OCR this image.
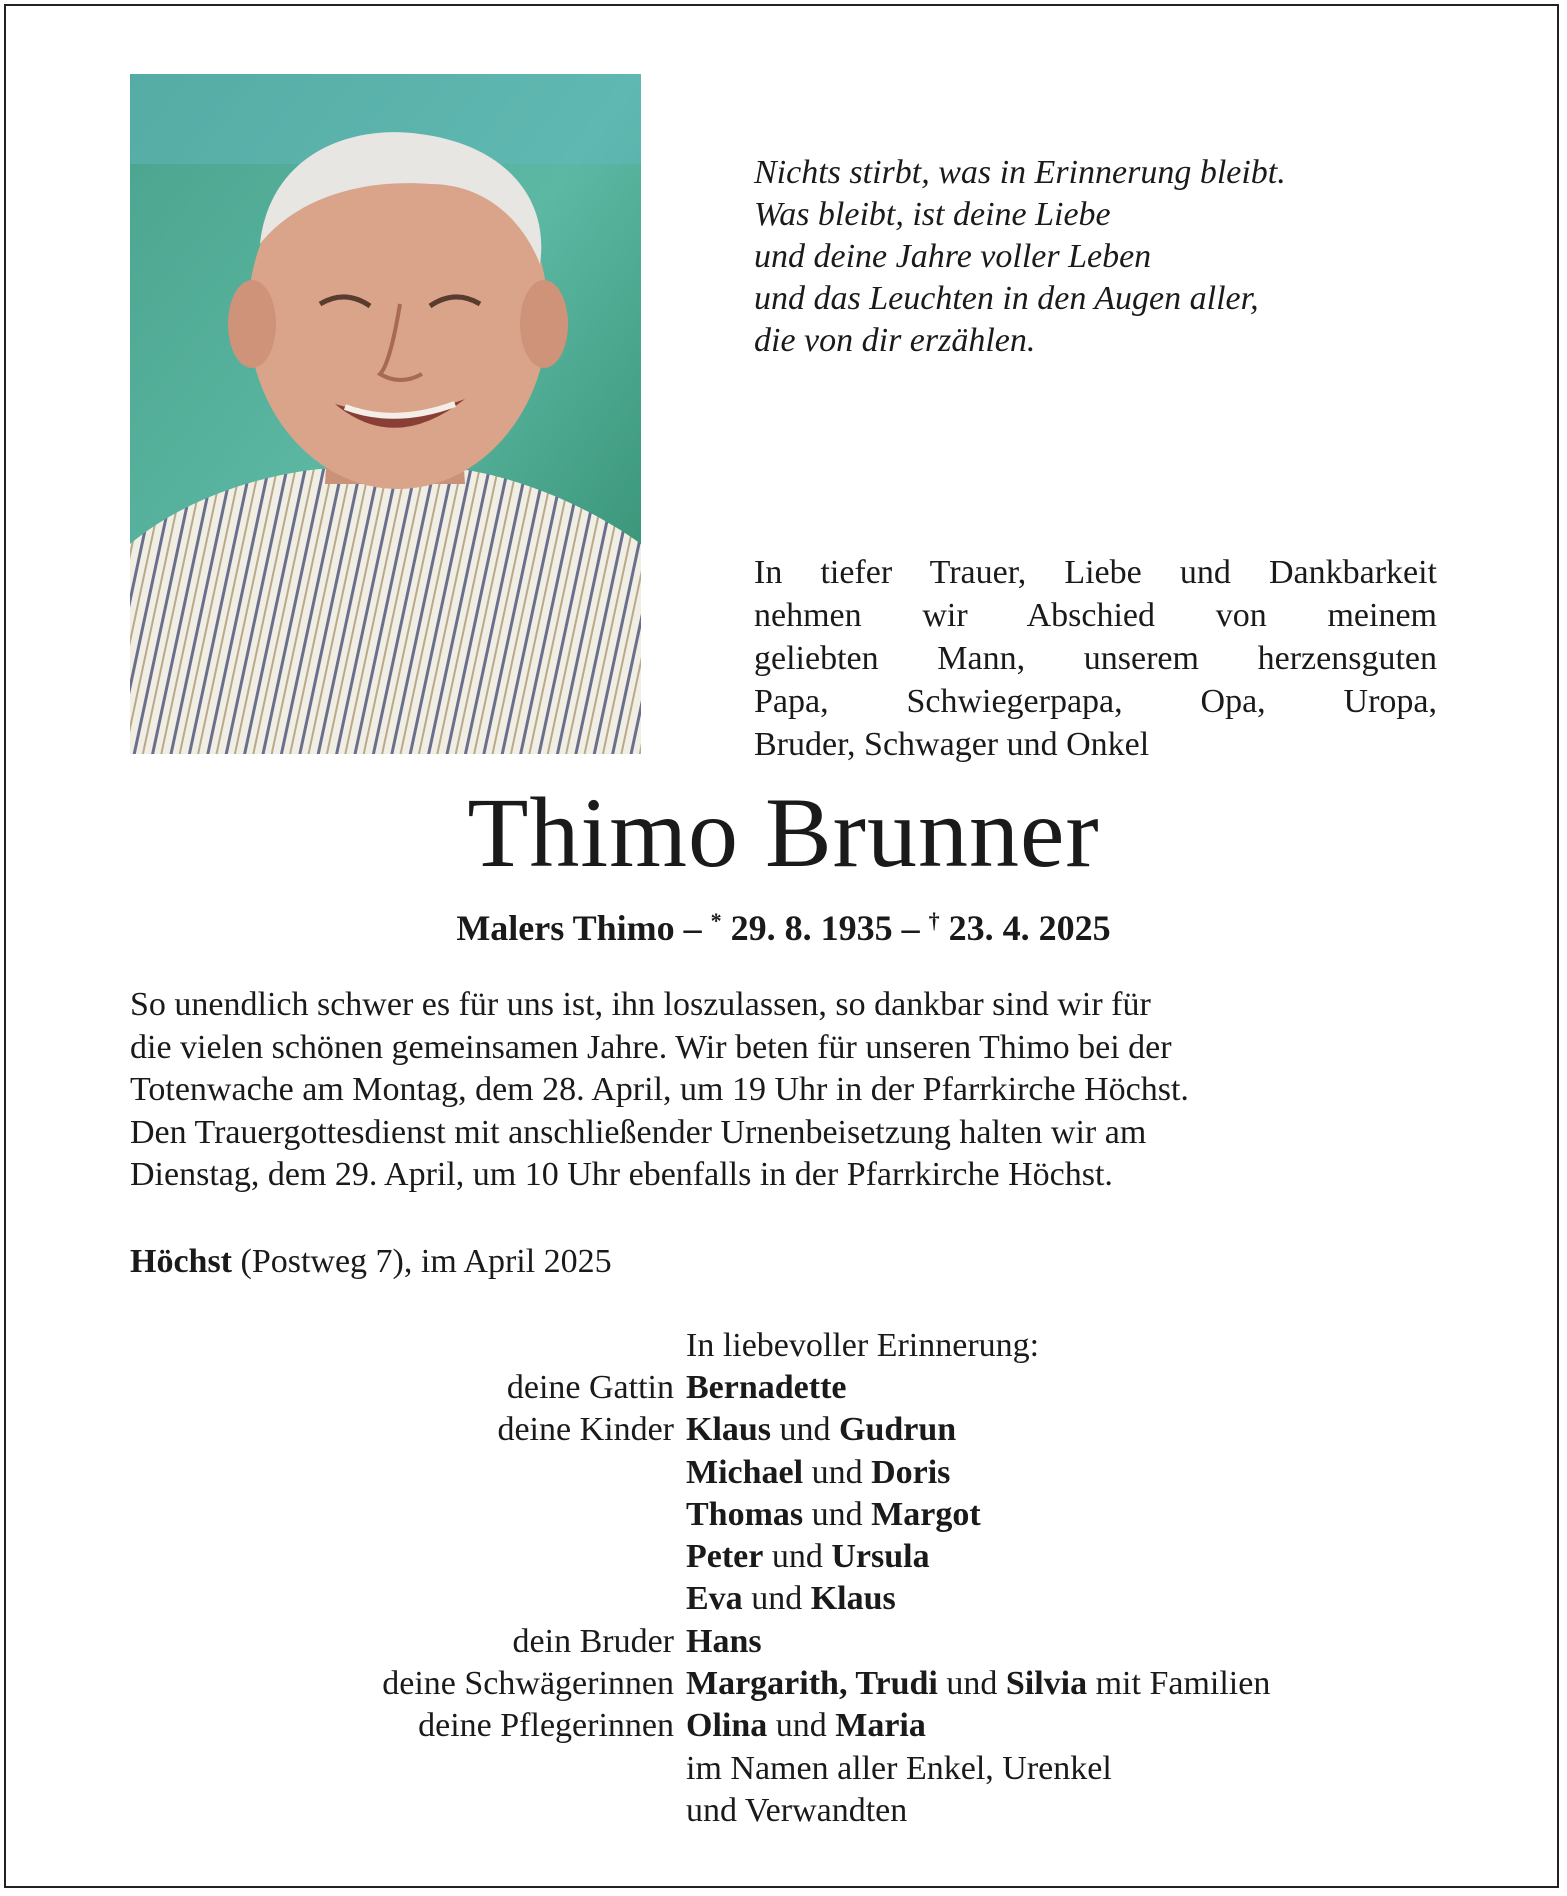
Nichts stirbt, was in Erinnerung bleibt.
Was bleibt, ist deine Liebe
und deine Jahre voller Leben
und das Leuchten in den Augen aller,
die von dir erzählen.
In tiefer Trauer, Liebe und Dankbarkeit
nehmen wir Abschied von meinem
geliebten Mann, unserem herzensguten
Papa, Schwiegerpapa, Opa, Uropa,
Bruder, Schwager und Onkel
Thimo Brunner
Malers Thimo – * 29. 8. 1935 – † 23. 4. 2025
So unendlich schwer es für uns ist, ihn loszulassen, so dankbar sind wir für
die vielen schönen gemeinsamen Jahre. Wir beten für unseren Thimo bei der
Totenwache am Montag, dem 28. April, um 19 Uhr in der Pfarrkirche Höchst.
Den Trauergottesdienst mit anschließender Urnenbeisetzung halten wir am
Dienstag, dem 29. April, um 10 Uhr ebenfalls in der Pfarrkirche Höchst.
Höchst (Postweg 7), im April 2025
In liebevoller Erinnerung:
deine Gattin Bernadette
deine Kinder Klaus und Gudrun
Michael und Doris
Thomas und Margot
Peter und Ursula
Eva und Klaus
dein Bruder Hans
deine Schwägerinnen Margarith, Trudi und Silvia mit Familien
deine Pflegerinnen Olina und Maria
im Namen aller Enkel, Urenkel
und Verwandten
